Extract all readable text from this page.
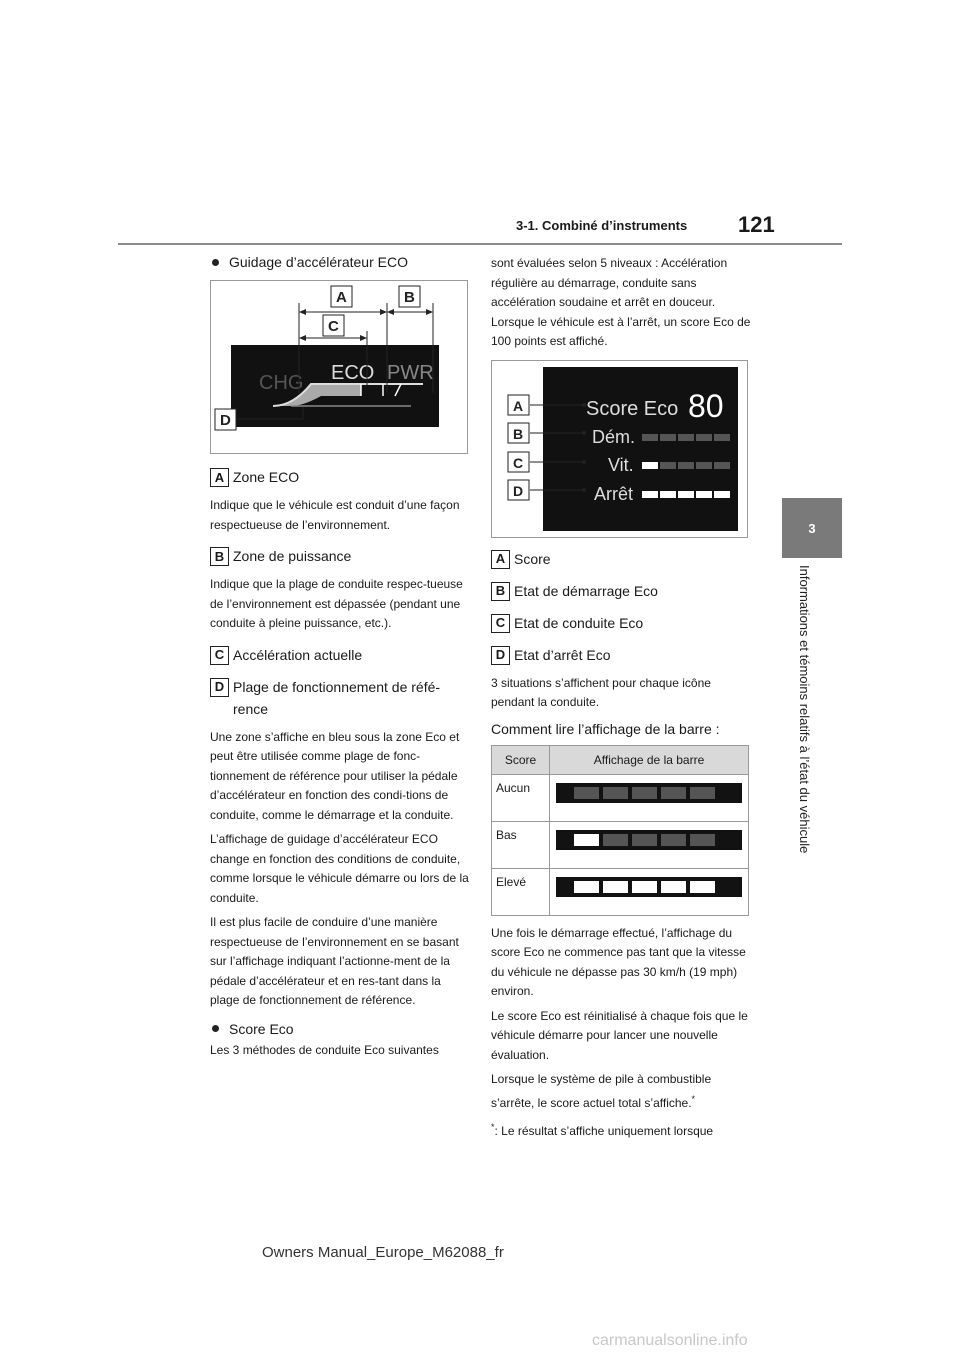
3-1. Combiné d’instruments 121
3
Informations et témoins relatifs à l’état du véhicule
Guidage d’accélérateur ECO
CHG ECO PWR
A	B
C
D
A Zone ECO

Indique que le véhicule est conduit d’une façon respectueuse de l’environnement.

B Zone de puissance

Indique que la plage de conduite respec-tueuse de l’environnement est dépassée (pendant une conduite à pleine puissance, etc.).

C Accélération actuelle
D Plage de fonctionnement de réfé-rence

Une zone s’affiche en bleu sous la zone Eco et peut être utilisée comme plage de fonc-tionnement de référence pour utiliser la pédale d’accélérateur en fonction des condi-tions de conduite, comme le démarrage et la conduite.

L’affichage de guidage d’accélérateur ECO change en fonction des conditions de conduite, comme lorsque le véhicule démarre ou lors de la conduite.

Il est plus facile de conduire d’une manière respectueuse de l’environnement en se basant sur l’affichage indiquant l’actionne-ment de la pédale d’accélérateur et en res-tant dans la plage de fonctionnement de référence.

Score Eco

Les 3 méthodes de conduite Eco suivantes

sont évaluées selon 5 niveaux : Accélération régulière au démarrage, conduite sans accélération soudaine et arrêt en douceur. Lorsque le véhicule est à l’arrêt, un score Eco de 100 points est affiché.

Score Eco 80
Dém.
Vit.
Arrêt
A
B
C
D
A Score
B Etat de démarrage Eco
C Etat de conduite Eco
D Etat d’arrêt Eco

3 situations s’affichent pour chaque icône pendant la conduite.

Comment lire l’affichage de la barre :
Score	Affichage de la barre
Aucun	

Bas	

Elevé	

Une fois le démarrage effectué, l’affichage du score Eco ne commence pas tant que la vitesse du véhicule ne dépasse pas 30 km/h (19 mph) environ.

Le score Eco est réinitialisé à chaque fois que le véhicule démarre pour lancer une nouvelle évaluation.

Lorsque le système de pile à combustible s’arrête, le score actuel total s’affiche.*

*: Le résultat s’affiche uniquement lorsque

Owners Manual_Europe_M62088_fr
carmanualsonline.info
